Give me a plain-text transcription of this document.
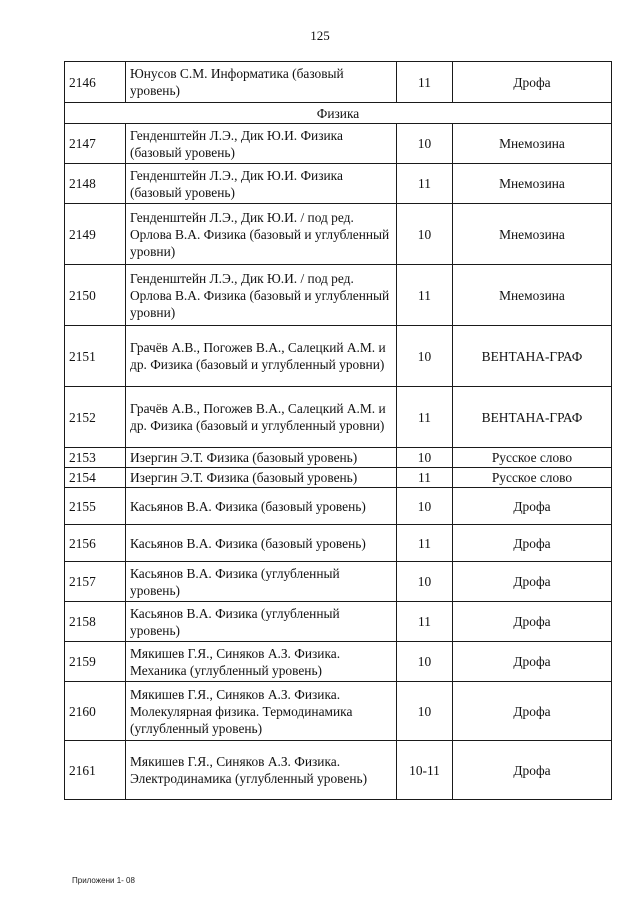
125
2146	Юнусов С.М. Информатика (базовый уровень)	11	Дрофа
Физика			
2147	Генденштейн Л.Э., Дик Ю.И. Физика (базовый уровень)	10	Мнемозина
2148	Генденштейн Л.Э., Дик Ю.И. Физика (базовый уровень)	11	Мнемозина
2149	Генденштейн Л.Э., Дик Ю.И. / под ред. Орлова В.А. Физика (базовый и углубленный уровни)	10	Мнемозина
2150	Генденштейн Л.Э., Дик Ю.И. / под ред. Орлова В.А. Физика (базовый и углубленный уровни)	11	Мнемозина
2151	Грачёв А.В., Погожев В.А., Салецкий А.М. и др. Физика (базовый и углубленный уровни)	10	ВЕНТАНА-ГРАФ
2152	Грачёв А.В., Погожев В.А., Салецкий А.М. и др. Физика (базовый и углубленный уровни)	11	ВЕНТАНА-ГРАФ
2153	Изергин Э.Т. Физика (базовый уровень)	10	Русское слово
2154	Изергин Э.Т. Физика (базовый уровень)	11	Русское слово
2155	Касьянов В.А. Физика (базовый уровень)	10	Дрофа
2156	Касьянов В.А. Физика (базовый уровень)	11	Дрофа
2157	Касьянов В.А. Физика (углубленный уровень)	10	Дрофа
2158	Касьянов В.А. Физика (углубленный уровень)	11	Дрофа
2159	Мякишев Г.Я., Синяков А.З. Физика. Механика (углубленный уровень)	10	Дрофа
2160	Мякишев Г.Я., Синяков А.З. Физика. Молекулярная физика. Термодинамика (углубленный уровень)	10	Дрофа
2161	Мякишев Г.Я., Синяков А.З. Физика. Электродинамика (углубленный уровень)	10-11	Дрофа
Приложени 1- 08
